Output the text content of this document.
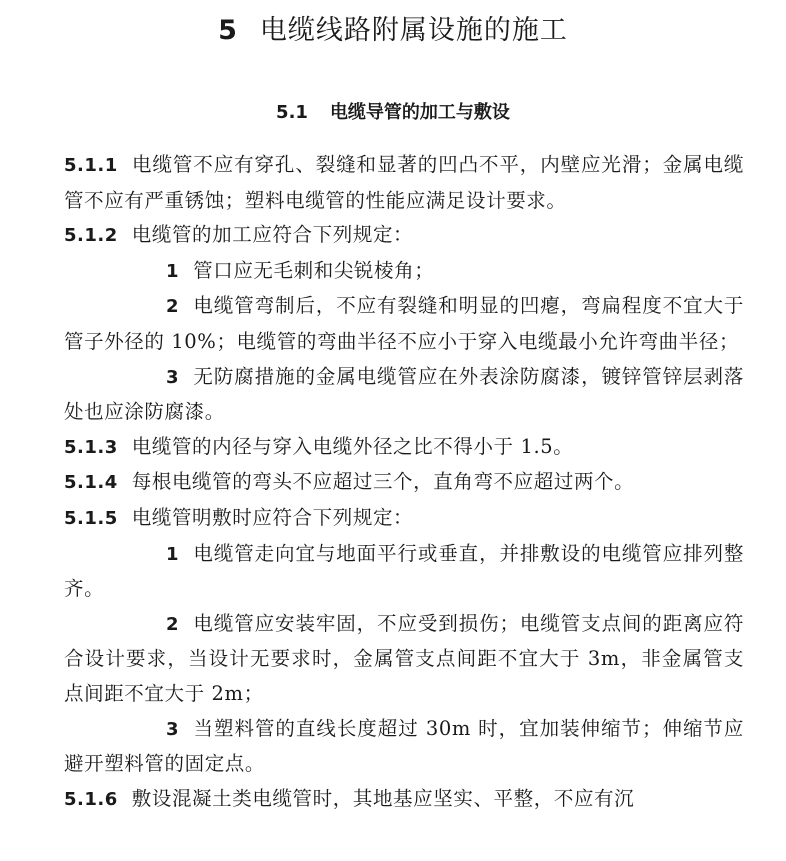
5 电缆线路附属设施的施工
5.1 电缆导管的加工与敷设

5.1.1 电缆管不应有穿孔、裂缝和显著的凹凸不平，内壁应光滑；金属电缆管不应有严重锈蚀；塑料电缆管的性能应满足设计要求。

5.1.2 电缆管的加工应符合下列规定：

1 管口应无毛刺和尖锐棱角；

2 电缆管弯制后，不应有裂缝和明显的凹瘪，弯扁程度不宜大于管子外径的 10%；电缆管的弯曲半径不应小于穿入电缆最小允许弯曲半径；

3 无防腐措施的金属电缆管应在外表涂防腐漆，镀锌管锌层剥落处也应涂防腐漆。

5.1.3 电缆管的内径与穿入电缆外径之比不得小于 1.5。

5.1.4 每根电缆管的弯头不应超过三个，直角弯不应超过两个。

5.1.5 电缆管明敷时应符合下列规定：

1 电缆管走向宜与地面平行或垂直，并排敷设的电缆管应排列整齐。

2 电缆管应安装牢固，不应受到损伤；电缆管支点间的距离应符合设计要求，当设计无要求时，金属管支点间距不宜大于 3m，非金属管支点间距不宜大于 2m；

3 当塑料管的直线长度超过 30m 时，宜加装伸缩节；伸缩节应避开塑料管的固定点。

5.1.6 敷设混凝土类电缆管时，其地基应坚实、平整，不应有沉
